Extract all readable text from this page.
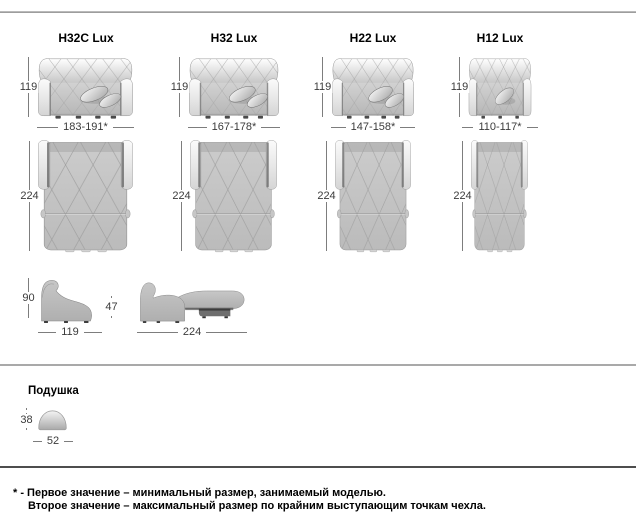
H32C Lux
119
183-191*
224
H32 Lux
119
167-178*
224
H22 Lux
119
147-158*
224
H12 Lux
119
110-117*
224
90
119
47
224
Подушка
38
52
* - Первое значение – минимальный размер, занимаемый моделью.
Второе значение – максимальный размер по крайним выступающим точкам чехла.
